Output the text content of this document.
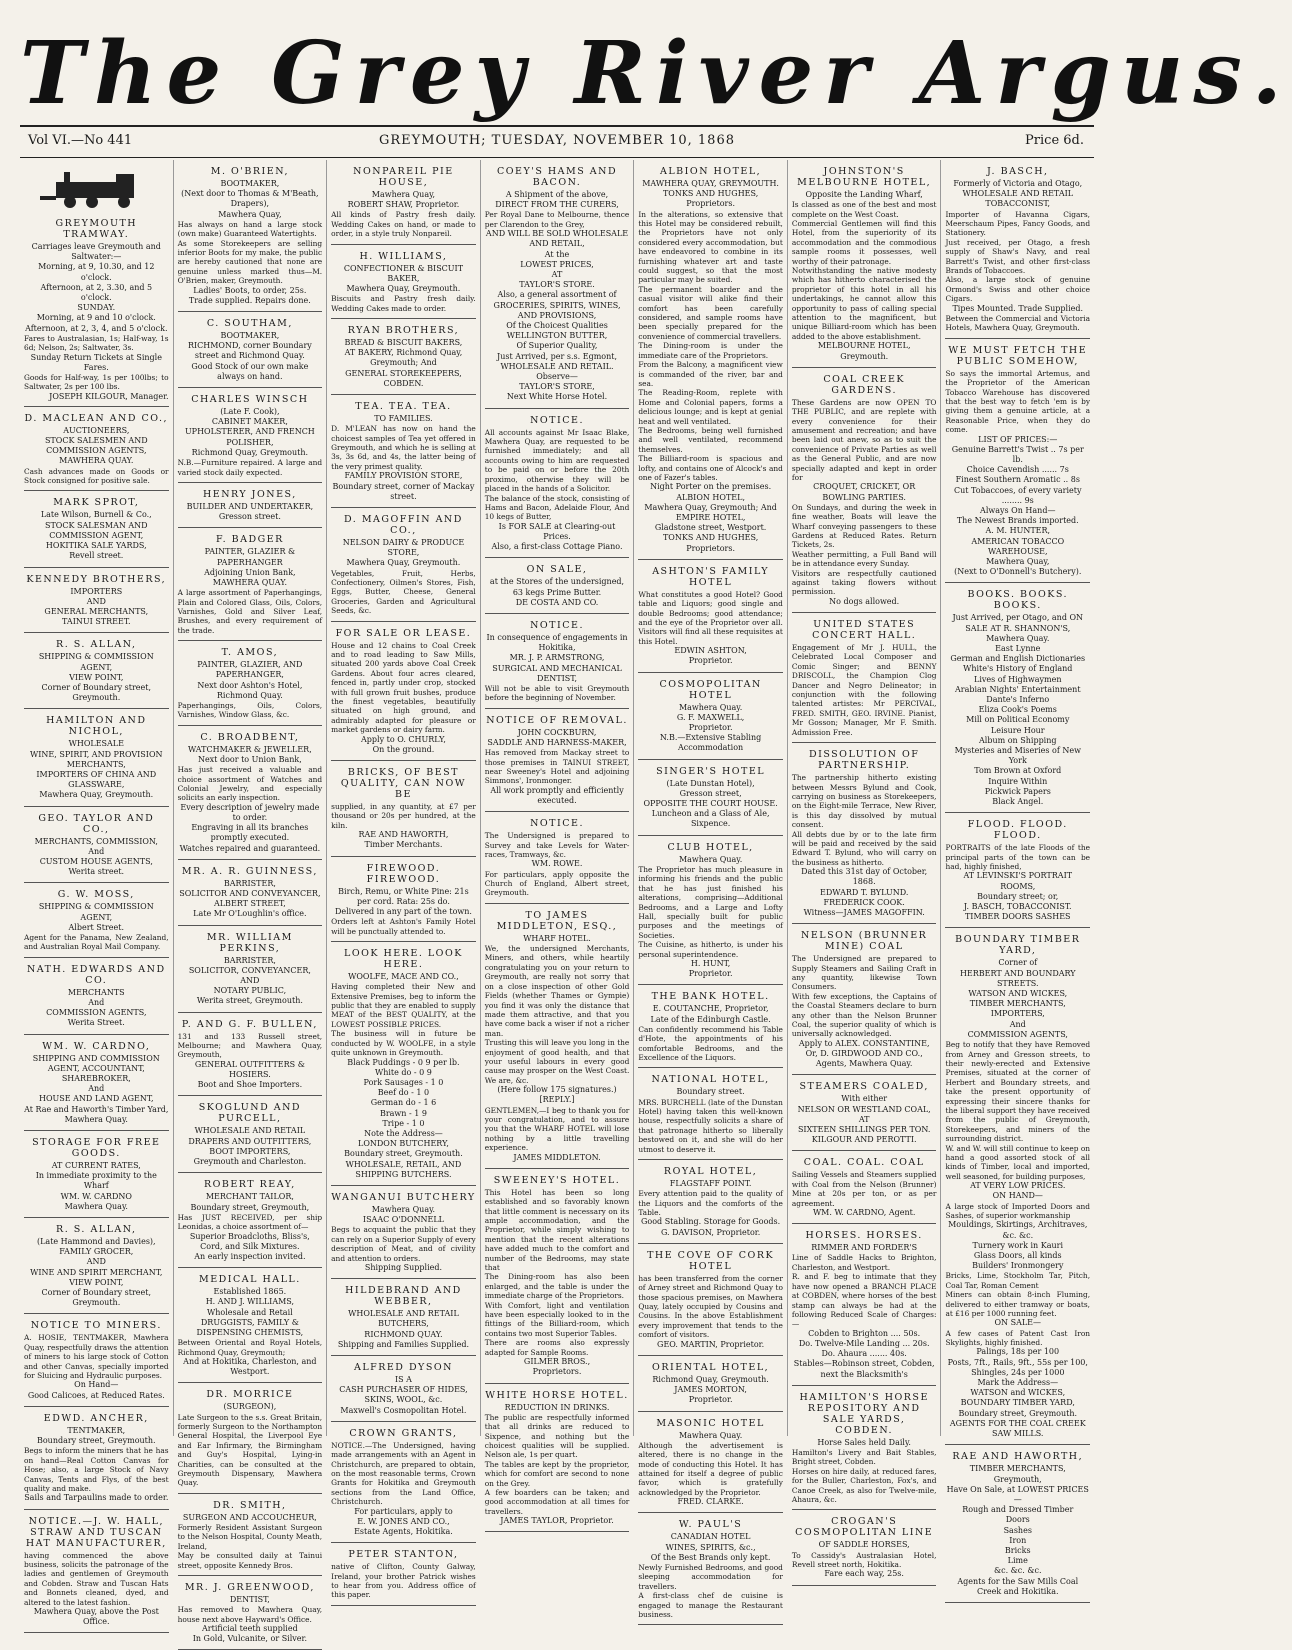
The Grey River Argus.
Vol VI.—No 441	GREYMOUTH; TUESDAY, NOVEMBER 10, 1868	Price 6d.
GREYMOUTH TRAMWAY.
Carriages leave Greymouth and Saltwater:—
Morning, at 9, 10.30, and 12 o'clock.
Afternoon, at 2, 3.30, and 5 o'clock.
SUNDAY.
Morning, at 9 and 10 o'clock.
Afternoon, at 2, 3, 4, and 5 o'clock.
Fares to Australasian, 1s; Half-way, 1s 6d; Nelson, 2s; Saltwater, 3s.
Sunday Return Tickets at Single Fares.
Goods for Half-way, 1s per 100lbs; to Saltwater, 2s per 100 lbs.
JOSEPH KILGOUR, Manager.
D. MACLEAN AND CO.,
AUCTIONEERS,
STOCK SALESMEN AND COMMISSION AGENTS,
MAWHERA QUAY.
Cash advances made on Goods or Stock consigned for positive sale.
MARK SPROT,
Late Wilson, Burnell & Co.,
STOCK SALESMAN AND COMMISSION AGENT,
HOKITIKA SALE YARDS,
Revell street.
KENNEDY BROTHERS,
IMPORTERS
AND
GENERAL MERCHANTS,
TAINUI STREET.
R. S. ALLAN,
SHIPPING & COMMISSION AGENT,
VIEW POINT,
Corner of Boundary street, Greymouth.
HAMILTON AND NICHOL,
WHOLESALE
WINE, SPIRIT, AND PROVISION MERCHANTS,
IMPORTERS OF CHINA AND GLASSWARE,
Mawhera Quay, Greymouth.
GEO. TAYLOR AND CO.,
MERCHANTS, COMMISSION,
And
CUSTOM HOUSE AGENTS,
Werita street.
G. W. MOSS,
SHIPPING & COMMISSION AGENT,
Albert Street.
Agent for the Panama, New Zealand, and Australian Royal Mail Company.
NATH. EDWARDS AND CO.
MERCHANTS
And
COMMISSION AGENTS,
Werita Street.
WM. W. CARDNO,
SHIPPING AND COMMISSION AGENT, ACCOUNTANT, SHAREBROKER,
And
HOUSE AND LAND AGENT,
At Rae and Haworth's Timber Yard, Mawhera Quay.
STORAGE FOR FREE GOODS.
AT CURRENT RATES,
In immediate proximity to the Wharf
WM. W. CARDNO
Mawhera Quay.
R. S. ALLAN,
(Late Hammond and Davies),
FAMILY GROCER,
AND
WINE AND SPIRIT MERCHANT,
VIEW POINT,
Corner of Boundary street, Greymouth.
NOTICE TO MINERS.
A. HOSIE, TENTMAKER, Mawhera Quay, respectfully draws the attention of miners to his large stock of Cotton and other Canvas, specially imported for Sluicing and Hydraulic purposes.
On Hand—
Good Calicoes, at Reduced Rates.
EDWD. ANCHER,
TENTMAKER,
Boundary street, Greymouth.
Begs to inform the miners that he has on hand—Real Cotton Canvas for Hose; also, a large Stock of Navy Canvas, Tents and Flys, of the best quality and make.
Sails and Tarpaulins made to order.
NOTICE.—J. W. HALL, STRAW AND TUSCAN HAT MANUFACTURER,
having commenced the above business, solicits the patronage of the ladies and gentlemen of Greymouth and Cobden. Straw and Tuscan Hats and Bonnets cleaned, dyed, and altered to the latest fashion.
Mawhera Quay, above the Post Office.
M. O'BRIEN,
BOOTMAKER,
(Next door to Thomas & M'Beath, Drapers),
Mawhera Quay,
Has always on hand a large stock (own make) Guaranteed Watertights.
As some Storekeepers are selling inferior Boots for my make, the public are hereby cautioned that none are genuine unless marked thus—M. O'Brien, maker, Greymouth.
Ladies' Boots, to order, 25s.
Trade supplied. Repairs done.
C. SOUTHAM,
BOOTMAKER,
RICHMOND, corner Boundary street and Richmond Quay.
Good Stock of our own make always on hand.
CHARLES WINSCH
(Late F. Cook),
CABINET MAKER, UPHOLSTERER, AND FRENCH POLISHER,
Richmond Quay, Greymouth.
N.B.—Furniture repaired. A large and varied stock daily expected.
HENRY JONES,
BUILDER AND UNDERTAKER,
Gresson street.
F. BADGER
PAINTER, GLAZIER & PAPERHANGER
Adjoining Union Bank,
MAWHERA QUAY.
A large assortment of Paperhangings, Plain and Colored Glass, Oils, Colors, Varnishes, Gold and Silver Leaf, Brushes, and every requirement of the trade.
T. AMOS,
PAINTER, GLAZIER, AND PAPERHANGER,
Next door Ashton's Hotel, Richmond Quay.
Paperhangings, Oils, Colors, Varnishes, Window Glass, &c.
C. BROADBENT,
WATCHMAKER & JEWELLER,
Next door to Union Bank,
Has just received a valuable and choice assortment of Watches and Colonial Jewelry, and especially solicits an early inspection.
Every description of jewelry made to order.
Engraving in all its branches promptly executed.
Watches repaired and guaranteed.
MR. A. R. GUINNESS,
BARRISTER,
SOLICITOR AND CONVEYANCER,
ALBERT STREET,
Late Mr O'Loughlin's office.
MR. WILLIAM PERKINS,
BARRISTER,
SOLICITOR, CONVEYANCER,
AND
NOTARY PUBLIC,
Werita street, Greymouth.
P. AND G. F. BULLEN,
131 and 133 Russell street, Melbourne; and Mawhera Quay, Greymouth,
GENERAL OUTFITTERS & HOSIERS.
Boot and Shoe Importers.
SKOGLUND AND PURCELL,
WHOLESALE AND RETAIL
DRAPERS AND OUTFITTERS,
BOOT IMPORTERS,
Greymouth and Charleston.
ROBERT REAY,
MERCHANT TAILOR,
Boundary street, Greymouth,
Has JUST RECEIVED, per ship Leonidas, a choice assortment of—
Superior Broadcloths, Bliss's, Cord, and Silk Mixtures.
An early inspection invited.
MEDICAL HALL.
Established 1865.
H. AND J. WILLIAMS,
Wholesale and Retail
DRUGGISTS, FAMILY & DISPENSING CHEMISTS,
Between Oriental and Royal Hotels, Richmond Quay, Greymouth;
And at Hokitika, Charleston, and Westport.
DR. MORRICE
(SURGEON),
Late Surgeon to the s.s. Great Britain, formerly Surgeon to the Northampton General Hospital, the Liverpool Eye and Ear Infirmary, the Birmingham and Guy's Hospital, Lying-in Charities, can be consulted at the Greymouth Dispensary, Mawhera Quay.
DR. SMITH,
SURGEON AND ACCOUCHEUR,
Formerly Resident Assistant Surgeon to the Nelson Hospital, County Meath, Ireland,
May be consulted daily at Tainui street, opposite Kennedy Bros.
MR. J. GREENWOOD,
DENTIST,
Has removed to Mawhera Quay, house next above Hayward's Office.
Artificial teeth supplied
In Gold, Vulcanite, or Silver.
NONPAREIL PIE HOUSE,
Mawhera Quay,
ROBERT SHAW, Proprietor.
All kinds of Pastry fresh daily. Wedding Cakes on hand, or made to order, in a style truly Nonpareil.
H. WILLIAMS,
CONFECTIONER & BISCUIT BAKER,
Mawhera Quay, Greymouth.
Biscuits and Pastry fresh daily. Wedding Cakes made to order.
RYAN BROTHERS,
BREAD & BISCUIT BAKERS,
AT BAKERY, Richmond Quay, Greymouth; And
GENERAL STOREKEEPERS, COBDEN.
TEA. TEA. TEA.
TO FAMILIES.
D. M'LEAN has now on hand the choicest samples of Tea yet offered in Greymouth, and which he is selling at 3s, 3s 6d, and 4s, the latter being of the very primest quality.
FAMILY PROVISION STORE,
Boundary street, corner of Mackay street.
D. MAGOFFIN AND CO.,
NELSON DAIRY & PRODUCE STORE,
Mawhera Quay, Greymouth.
Vegetables, Fruit, Herbs, Confectionery, Oilmen's Stores, Fish, Eggs, Butter, Cheese, General Groceries, Garden and Agricultural Seeds, &c.
FOR SALE OR LEASE.
House and 12 chains to Coal Creek and to road leading to Saw Mills, situated 200 yards above Coal Creek Gardens. About four acres cleared, fenced in, partly under crop, stocked with full grown fruit bushes, produce the finest vegetables, beautifully situated on high ground, and admirably adapted for pleasure or market gardens or dairy farm.
Apply to O. CHURLY,
On the ground.
BRICKS, OF BEST QUALITY, CAN NOW BE
supplied, in any quantity, at £7 per thousand or 20s per hundred, at the kiln.
RAE AND HAWORTH,
Timber Merchants.
FIREWOOD. FIREWOOD.
Birch, Remu, or White Pine: 21s per cord. Rata: 25s do.
Delivered in any part of the town.
Orders left at Ashton's Family Hotel will be punctually attended to.
LOOK HERE. LOOK HERE.
WOOLFE, MACE AND CO.,
Having completed their New and Extensive Premises, beg to inform the public that they are enabled to supply MEAT of the BEST QUALITY, at the LOWEST POSSIBLE PRICES.
The business will in future be conducted by W. WOOLFE, in a style quite unknown in Greymouth.
Black Puddings - 0 9 per lb.
White do - 0 9
Pork Sausages - 1 0
Beef do - 1 0
German do - 1 6
Brawn - 1 9
Tripe - 1 0
Note the Address—
LONDON BUTCHERY,
Boundary street, Greymouth.
WHOLESALE, RETAIL, AND SHIPPING BUTCHERS.
WANGANUI BUTCHERY
Mawhera Quay.
ISAAC O'DONNELL
Begs to acquaint the public that they can rely on a Superior Supply of every description of Meat, and of civility and attention to orders.
Shipping Supplied.
HILDEBRAND AND WEBBER,
WHOLESALE AND RETAIL BUTCHERS,
RICHMOND QUAY.
Shipping and Families Supplied.
ALFRED DYSON
IS A
CASH PURCHASER OF HIDES, SKINS, WOOL, &c.
Maxwell's Cosmopolitan Hotel.
CROWN GRANTS,
NOTICE.—The Undersigned, having made arrangements with an Agent in Christchurch, are prepared to obtain, on the most reasonable terms, Crown Grants for Hokitika and Greymouth sections from the Land Office, Christchurch.
For particulars, apply to
E. W. JONES AND CO.,
Estate Agents, Hokitika.
PETER STANTON,
native of Clifton, County Galway, Ireland, your brother Patrick wishes to hear from you. Address office of this paper.
COEY'S HAMS AND BACON.
A Shipment of the above,
DIRECT FROM THE CURERS,
Per Royal Dane to Melbourne, thence per Clarendon to the Grey,
AND WILL BE SOLD WHOLESALE AND RETAIL,
At the
LOWEST PRICES,
AT
TAYLOR'S STORE.
Also, a general assortment of
GROCERIES, SPIRITS, WINES, AND PROVISIONS,
Of the Choicest Qualities
WELLINGTON BUTTER,
Of Superior Quality,
Just Arrived, per s.s. Egmont,
WHOLESALE AND RETAIL.
Observe—
TAYLOR'S STORE,
Next White Horse Hotel.
NOTICE.
All accounts against Mr Isaac Blake, Mawhera Quay, are requested to be furnished immediately; and all accounts owing to him are requested to be paid on or before the 20th proximo, otherwise they will be placed in the hands of a Solicitor.
The balance of the stock, consisting of Hams and Bacon, Adelaide Flour, And 10 kegs of Butter,
Is FOR SALE at Clearing-out Prices.
Also, a first-class Cottage Piano.
ON SALE,
at the Stores of the undersigned,
63 kegs Prime Butter.
DE COSTA AND CO.
NOTICE.
In consequence of engagements in Hokitika,
MR. J. P. ARMSTRONG,
SURGICAL AND MECHANICAL DENTIST,
Will not be able to visit Greymouth before the beginning of November.
NOTICE OF REMOVAL.
JOHN COCKBURN,
SADDLE AND HARNESS-MAKER,
Has removed from Mackay street to those premises in TAINUI STREET, near Sweeney's Hotel and adjoining Simmons', Ironmonger.
All work promptly and efficiently executed.
NOTICE.
The Undersigned is prepared to Survey and take Levels for Water-races, Tramways, &c.
WM. ROWE.
For particulars, apply opposite the Church of England, Albert street, Greymouth.
TO JAMES MIDDLETON, ESQ.,
WHARF HOTEL.
We, the undersigned Merchants, Miners, and others, while heartily congratulating you on your return to Greymouth, are really not sorry that on a close inspection of other Gold Fields (whether Thames or Gympie) you find it was only the distance that made them attractive, and that you have come back a wiser if not a richer man.
Trusting this will leave you long in the enjoyment of good health, and that your useful labours in every good cause may prosper on the West Coast. We are, &c.
(Here follow 175 signatures.)
[REPLY.]
GENTLEMEN,—I beg to thank you for your congratulation, and to assure you that the WHARF HOTEL will lose nothing by a little travelling experience.
JAMES MIDDLETON.
SWEENEY'S HOTEL.
This Hotel has been so long established and so favorably known that little comment is necessary on its ample accommodation, and the Proprietor, while simply wishing to mention that the recent alterations have added much to the comfort and number of the Bedrooms, may state that
The Dining-room has also been enlarged, and the table is under the immediate charge of the Proprietors.
With Comfort, light and ventilation have been especially looked to in the fittings of the Billiard-room, which contains two most Superior Tables.
There are rooms also expressly adapted for Sample Rooms.
GILMER BROS.,
Proprietors.
WHITE HORSE HOTEL.
REDUCTION IN DRINKS.
The public are respectfully informed that all drinks are reduced to Sixpence, and nothing but the choicest qualities will be supplied. Nelson ale, 1s per quart.
The tables are kept by the proprietor, which for comfort are second to none on the Grey.
A few boarders can be taken; and good accommodation at all times for travellers.
JAMES TAYLOR, Proprietor.
ALBION HOTEL,
MAWHERA QUAY, GREYMOUTH.
TONKS AND HUGHES, Proprietors.
In the alterations, so extensive that this Hotel may be considered rebuilt, the Proprietors have not only considered every accommodation, but have endeavored to combine in its furnishing whatever art and taste could suggest, so that the most particular may be suited.
The permanent boarder and the casual visitor will alike find their comfort has been carefully considered, and sample rooms have been specially prepared for the convenience of commercial travellers.
The Dining-room is under the immediate care of the Proprietors.
From the Balcony, a magnificent view is commanded of the river, bar and sea.
The Reading-Room, replete with Home and Colonial papers, forms a delicious lounge; and is kept at genial heat and well ventilated.
The Bedrooms, being well furnished and well ventilated, recommend themselves.
The Billiard-room is spacious and lofty, and contains one of Alcock's and one of Fazer's tables.
Night Porter on the premises.
ALBION HOTEL,
Mawhera Quay, Greymouth; And
EMPIRE HOTEL,
Gladstone street, Westport.
TONKS AND HUGHES,
Proprietors.
ASHTON'S FAMILY HOTEL
What constitutes a good Hotel? Good table and Liquors; good single and double Bedrooms; good attendance; and the eye of the Proprietor over all. Visitors will find all these requisites at this Hotel.
EDWIN ASHTON,
Proprietor.
COSMOPOLITAN HOTEL
Mawhera Quay.
G. F. MAXWELL,
Proprietor.
N.B.—Extensive Stabling Accommodation
SINGER'S HOTEL
(Late Dunstan Hotel),
Gresson street,
OPPOSITE THE COURT HOUSE.
Luncheon and a Glass of Ale, Sixpence.
CLUB HOTEL,
Mawhera Quay.
The Proprietor has much pleasure in informing his friends and the public that he has just finished his alterations, comprising—Additional Bedrooms, and a Large and Lofty Hall, specially built for public purposes and the meetings of Societies.
The Cuisine, as hitherto, is under his personal superintendence.
H. HUNT,
Proprietor.
THE BANK HOTEL.
E. COUTANCHE, Proprietor,
Late of the Edinburgh Castle.
Can confidently recommend his Table d'Hote, the appointments of his comfortable Bedrooms, and the Excellence of the Liquors.
NATIONAL HOTEL,
Boundary street.
MRS. BURCHELL (late of the Dunstan Hotel) having taken this well-known house, respectfully solicits a share of that patronage hitherto so liberally bestowed on it, and she will do her utmost to deserve it.
ROYAL HOTEL,
FLAGSTAFF POINT.
Every attention paid to the quality of the Liquors and the comforts of the Table.
Good Stabling. Storage for Goods.
G. DAVISON, Proprietor.
THE COVE OF CORK HOTEL
has been transferred from the corner of Arney street and Richmond Quay to those spacious premises, on Mawhera Quay, lately occupied by Cousins and Cousins. In the above Establishment every improvement that tends to the comfort of visitors.
GEO. MARTIN, Proprietor.
ORIENTAL HOTEL,
Richmond Quay, Greymouth.
JAMES MORTON,
Proprietor.
MASONIC HOTEL
Mawhera Quay.
Although the advertisement is altered, there is no change in the mode of conducting this Hotel. It has attained for itself a degree of public favor, which is gratefully acknowledged by the Proprietor.
FRED. CLARKE.
W. PAUL'S
CANADIAN HOTEL
WINES, SPIRITS, &c.,
Of the Best Brands only kept.
Newly Furnished Bedrooms, and good sleeping accommodation for travellers.
A first-class chef de cuisine is engaged to manage the Restaurant business.
JOHNSTON'S MELBOURNE HOTEL,
Opposite the Landing Wharf,
Is classed as one of the best and most complete on the West Coast.
Commercial Gentlemen will find this Hotel, from the superiority of its accommodation and the commodious sample rooms it possesses, well worthy of their patronage.
Notwithstanding the native modesty which has hitherto characterised the proprietor of this hotel in all his undertakings, he cannot allow this opportunity to pass of calling special attention to the magnificent, but unique Billiard-room which has been added to the above establishment.
MELBOURNE HOTEL,
Greymouth.
COAL CREEK GARDENS.
These Gardens are now OPEN TO THE PUBLIC, and are replete with every convenience for their amusement and recreation; and have been laid out anew, so as to suit the convenience of Private Parties as well as the General Public, and are now specially adapted and kept in order for
CROQUET, CRICKET, OR BOWLING PARTIES.
On Sundays, and during the week in fine weather, Boats will leave the Wharf conveying passengers to these Gardens at Reduced Rates. Return Tickets, 2s.
Weather permitting, a Full Band will be in attendance every Sunday.
Visitors are respectfully cautioned against taking flowers without permission.
No dogs allowed.
UNITED STATES CONCERT HALL.
Engagement of Mr J. HULL, the Celebrated Local Composer and Comic Singer; and BENNY DRISCOLL, the Champion Clog Dancer and Negro Delineator; in conjunction with the following talented artistes: Mr PERCIVAL, FRED. SMITH, GEO. IRVINE. Pianist, Mr Gosson; Manager, Mr F. Smith. Admission Free.
DISSOLUTION OF PARTNERSHIP.
The partnership hitherto existing between Messrs Bylund and Cook, carrying on business as Storekeepers, on the Eight-mile Terrace, New River, is this day dissolved by mutual consent.
All debts due by or to the late firm will be paid and received by the said Edward T. Bylund, who will carry on the business as hitherto.
Dated this 31st day of October, 1868.
EDWARD T. BYLUND.
FREDERICK COOK.
Witness—JAMES MAGOFFIN.
NELSON (BRUNNER MINE) COAL
The Undersigned are prepared to Supply Steamers and Sailing Craft in any quantity, likewise Town Consumers.
With few exceptions, the Captains of the Coastal Steamers declare to burn any other than the Nelson Brunner Coal, the superior quality of which is universally acknowledged.
Apply to ALEX. CONSTANTINE,
Or, D. GIRDWOOD AND CO.,
Agents, Mawhera Quay.
STEAMERS COALED,
With either
NELSON OR WESTLAND COAL,
AT
SIXTEEN SHILLINGS PER TON.
KILGOUR AND PEROTTI.
COAL. COAL. COAL
Sailing Vessels and Steamers supplied with Coal from the Nelson (Brunner) Mine at 20s per ton, or as per agreement.
WM. W. CARDNO, Agent.
HORSES. HORSES.
RIMMER AND FORDER'S
Line of Saddle Hacks to Brighton, Charleston, and Westport.
R. and F. beg to intimate that they have now opened a BRANCH PLACE at COBDEN, where horses of the best stamp can always be had at the following Reduced Scale of Charges:—
Cobden to Brighton .... 50s.
Do. Twelve-Mile Landing ... 20s.
Do. Ahaura ....... 40s.
Stables—Robinson street, Cobden, next the Blacksmith's
HAMILTON'S HORSE REPOSITORY AND SALE YARDS, COBDEN.
Horse Sales held Daily.
Hamilton's Livery and Bait Stables, Bright street, Cobden.
Horses on hire daily, at reduced fares, for the Buller, Charleston, Fox's, and Canoe Creek, as also for Twelve-mile, Ahaura, &c.
CROGAN'S COSMOPOLITAN LINE
OF SADDLE HORSES,
To Cassidy's Australasian Hotel, Revell street north, Hokitika.
Fare each way, 25s.
J. BASCH,
Formerly of Victoria and Otago,
WHOLESALE AND RETAIL TOBACCONIST,
Importer of Havanna Cigars, Meerschaum Pipes, Fancy Goods, and Stationery.
Just received, per Otago, a fresh supply of Shaw's Navy, and real Barrett's Twist, and other first-class Brands of Tobaccoes.
Also, a large stock of genuine Ormond's Swiss and other choice Cigars.
Tipes Mounted. Trade Supplied.
Between the Commercial and Victoria Hotels, Mawhera Quay, Greymouth.
WE MUST FETCH THE PUBLIC SOMEHOW,
So says the immortal Artemus, and the Proprietor of the American Tobacco Warehouse has discovered that the best way to fetch 'em is by giving them a genuine article, at a Reasonable Price, when they do come.
LIST OF PRICES:—
Genuine Barrett's Twist .. 7s per lb.
Choice Cavendish ...... 7s
Finest Southern Aromatic .. 8s
Cut Tobaccoes, of every variety ........ 9s
Always On Hand—
The Newest Brands imported.
A. M. HUNTER,
AMERICAN TOBACCO WAREHOUSE,
Mawhera Quay,
(Next to O'Donnell's Butchery).
BOOKS. BOOKS. BOOKS.
Just Arrived, per Otago, and ON SALE AT R. SHANNON'S,
Mawhera Quay.
East Lynne
German and English Dictionaries
White's History of England
Lives of Highwaymen
Arabian Nights' Entertainment
Dante's Inferno
Eliza Cook's Poems
Mill on Political Economy
Leisure Hour
Album on Shipping
Mysteries and Miseries of New York
Tom Brown at Oxford
Inquire Within
Pickwick Papers
Black Angel.
FLOOD. FLOOD. FLOOD.
PORTRAITS of the late Floods of the principal parts of the town can be had, highly finished,
AT LEVINSKI'S PORTRAIT ROOMS,
Boundary street; or,
J. BASCH, TOBACCONIST.
TIMBER DOORS SASHES
BOUNDARY TIMBER YARD,
Corner of
HERBERT AND BOUNDARY STREETS.
WATSON AND WICKES,
TIMBER MERCHANTS,
IMPORTERS,
And
COMMISSION AGENTS,
Beg to notify that they have Removed from Arney and Gresson streets, to their newly-erected and Extensive Premises, situated at the corner of Herbert and Boundary streets, and take the present opportunity of expressing their sincere thanks for the liberal support they have received from the public of Greymouth, Storekeepers, and miners of the surrounding district.
W. and W. will still continue to keep on hand a good assorted stock of all kinds of Timber, local and imported, well seasoned, for building purposes,
AT VERY LOW PRICES.
ON HAND—
A large stock of Imported Doors and Sashes, of superior workmanship
Mouldings, Skirtings, Architraves, &c. &c.
Turnery work in Kauri
Glass Doors, all kinds
Builders' Ironmongery
Bricks, Lime, Stockholm Tar, Pitch, Coal Tar, Roman Cement
Miners can obtain 8-inch Fluming, delivered to either tramway or boats, at £16 per 1000 running feet.
ON SALE—
A few cases of Patent Cast Iron Skylights, highly finished.
Palings, 18s per 100
Posts, 7ft., Rails, 9ft., 55s per 100,
Shingles, 24s per 1000
Mark the Address—
WATSON and WICKES,
BOUNDARY TIMBER YARD,
Boundary street, Greymouth.
AGENTS FOR THE COAL CREEK SAW MILLS.
RAE AND HAWORTH,
TIMBER MERCHANTS,
Greymouth,
Have On Sale, at LOWEST PRICES—
Rough and Dressed Timber
Doors
Sashes
Iron
Bricks
Lime
&c. &c. &c.
Agents for the Saw Mills Coal Creek and Hokitika.
